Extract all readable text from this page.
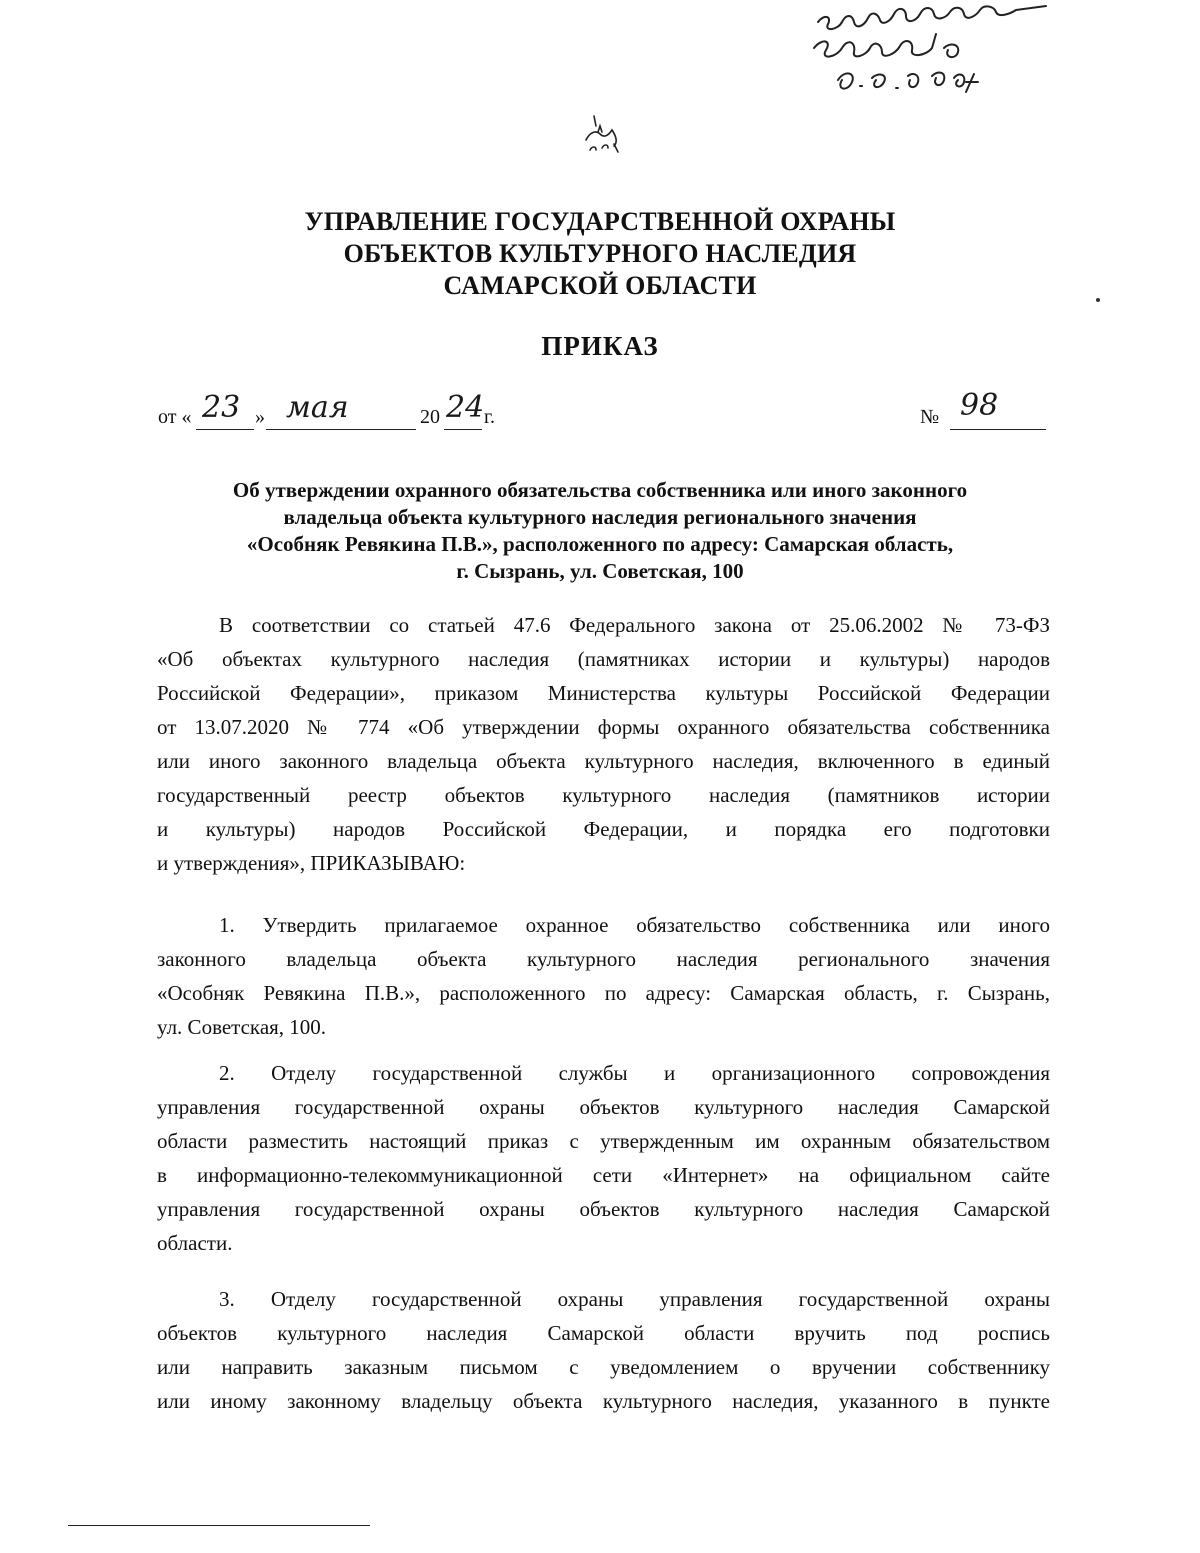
УПРАВЛЕНИЕ ГОСУДАРСТВЕННОЙ ОХРАНЫ
ОБЪЕКТОВ КУЛЬТУРНОГО НАСЛЕДИЯ
САМАРСКОЙ ОБЛАСТИ
ПРИКАЗ
от « 23 » мая	20 24 г.	№ 98
Об утверждении охранного обязательства собственника или иного законного
владельца объекта культурного наследия регионального значения
«Особняк Ревякина П.В.», расположенного по адресу: Самарская область,
г. Сызрань, ул. Советская, 100
В соответствии со статьей 47.6 Федерального закона от 25.06.2002 № 73-ФЗ
«Об объектах культурного наследия (памятниках истории и культуры) народов
Российской Федерации», приказом Министерства культуры Российской Федерации
от 13.07.2020 № 774 «Об утверждении формы охранного обязательства собственника
или иного законного владельца объекта культурного наследия, включенного в единый
государственный реестр объектов культурного наследия (памятников истории
и культуры) народов Российской Федерации, и порядка его подготовки
и утверждения», ПРИКАЗЫВАЮ:
1. Утвердить прилагаемое охранное обязательство собственника или иного
законного владельца объекта культурного наследия регионального значения
«Особняк Ревякина П.В.», расположенного по адресу: Самарская область, г. Сызрань,
ул. Советская, 100.
2. Отделу государственной службы и организационного сопровождения
управления государственной охраны объектов культурного наследия Самарской
области разместить настоящий приказ с утвержденным им охранным обязательством
в информационно-телекоммуникационной сети «Интернет» на официальном сайте
управления государственной охраны объектов культурного наследия Самарской
области.
3. Отделу государственной охраны управления государственной охраны
объектов культурного наследия Самарской области вручить под роспись
или направить заказным письмом с уведомлением о вручении собственнику
или иному законному владельцу объекта культурного наследия, указанного в пункте
